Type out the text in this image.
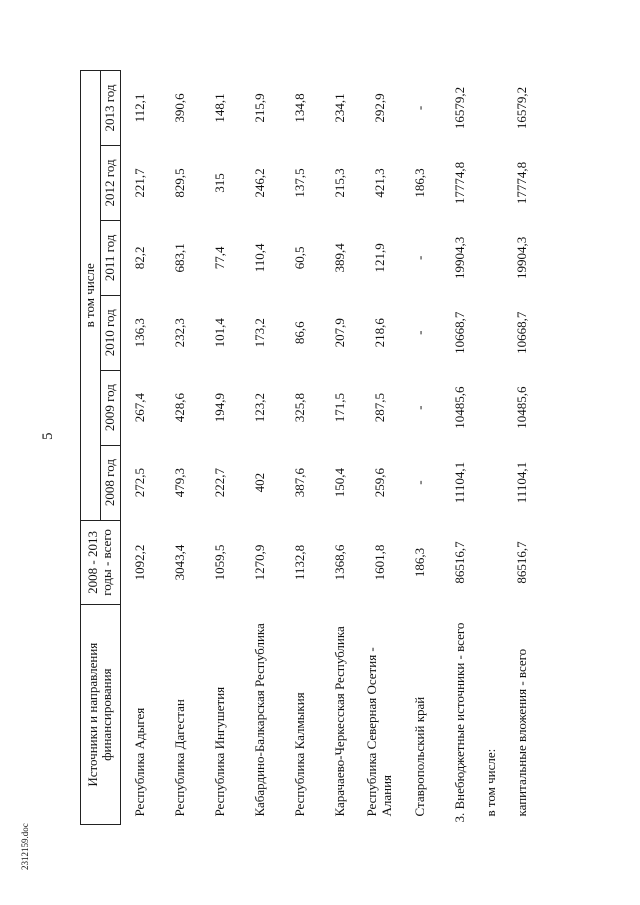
5
2312159.doc
Источники и направления финансирования	2008 - 2013 годы - всего	в том числе					
		2008 год	2009 год	2010 год	2011 год	2012 год	2013 год
Республика Адыгея	1092,2	272,5	267,4	136,3	82,2	221,7	112,1
Республика Дагестан	3043,4	479,3	428,6	232,3	683,1	829,5	390,6
Республика Ингушетия	1059,5	222,7	194,9	101,4	77,4	315	148,1
Кабардино-Балкарская Республика	1270,9	402	123,2	173,2	110,4	246,2	215,9
Республика Калмыкия	1132,8	387,6	325,8	86,6	60,5	137,5	134,8
Карачаево-Черкесская Республика	1368,6	150,4	171,5	207,9	389,4	215,3	234,1
Республика Северная Осетия - Алания	1601,8	259,6	287,5	218,6	121,9	421,3	292,9
Ставропольский край	186,3	-	-	-	-	186,3	-
3. Внебюджетные источники - всего	86516,7	11104,1	10485,6	10668,7	19904,3	17774,8	16579,2
в том числе:							
капитальные вложения - всего	86516,7	11104,1	10485,6	10668,7	19904,3	17774,8	16579,2
